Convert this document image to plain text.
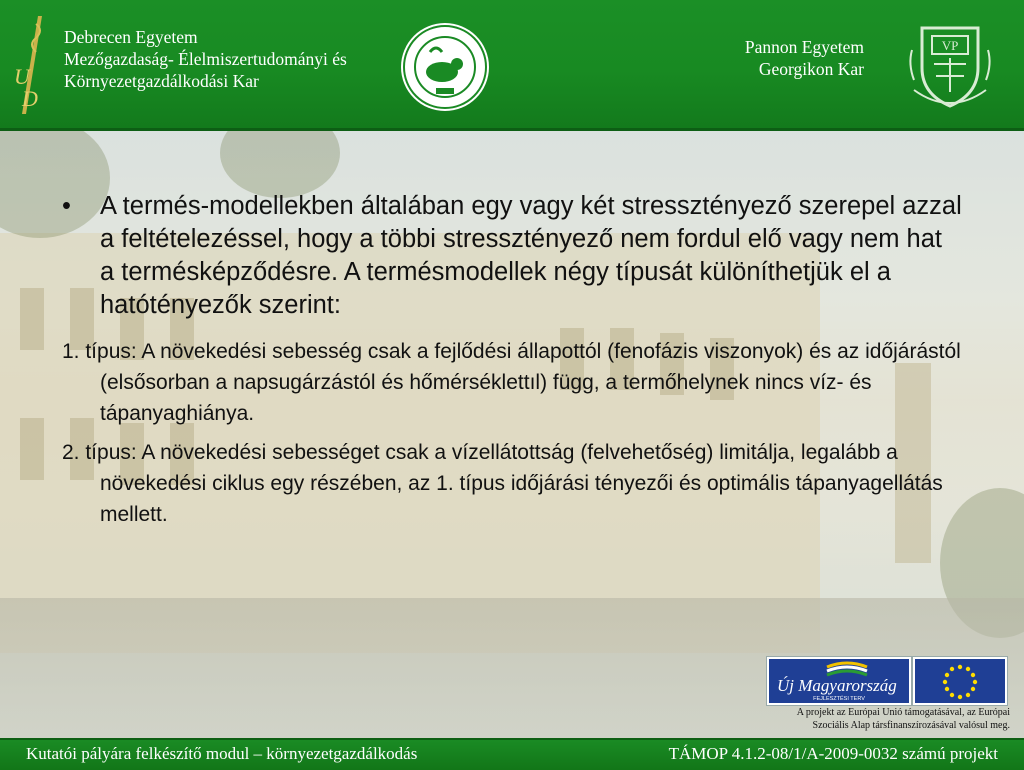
U
D
Debrecen Egyetem
Mezőgazdaság- Élelmiszertudományi és
Környezetgazdálkodási Kar
Pannon Egyetem
Georgikon Kar
VP

• A termés-modellekben általában egy vagy két stressztényező szerepel azzal a feltételezéssel, hogy a többi stressztényező nem fordul elő vagy nem hat a termésképződésre. A termésmodellek négy típusát különíthetjük el a hatótényezők szerint:

1. típus: A növekedési sebesség csak a fejlődési állapottól (fenofázis viszonyok) és az időjárástól (elsősorban a napsugárzástól és hőmérséklettıl) függ, a termőhelynek nincs víz- és tápanyaghiánya.

2. típus: A növekedési sebességet csak a vízellátottság (felvehetőség) limitálja, legalább a növekedési ciklus egy részében, az 1. típus időjárási tényezői és optimális tápanyagellátás mellett.

Új Magyarország
FEJLESZTÉSI TERV
A projekt az Európai Unió támogatásával, az Európai
Szociális Alap társfinanszírozásával valósul meg.
Kutatói pályára felkészítő modul – környezetgazdálkodás	TÁMOP 4.1.2-08/1/A-2009-0032 számú projekt
